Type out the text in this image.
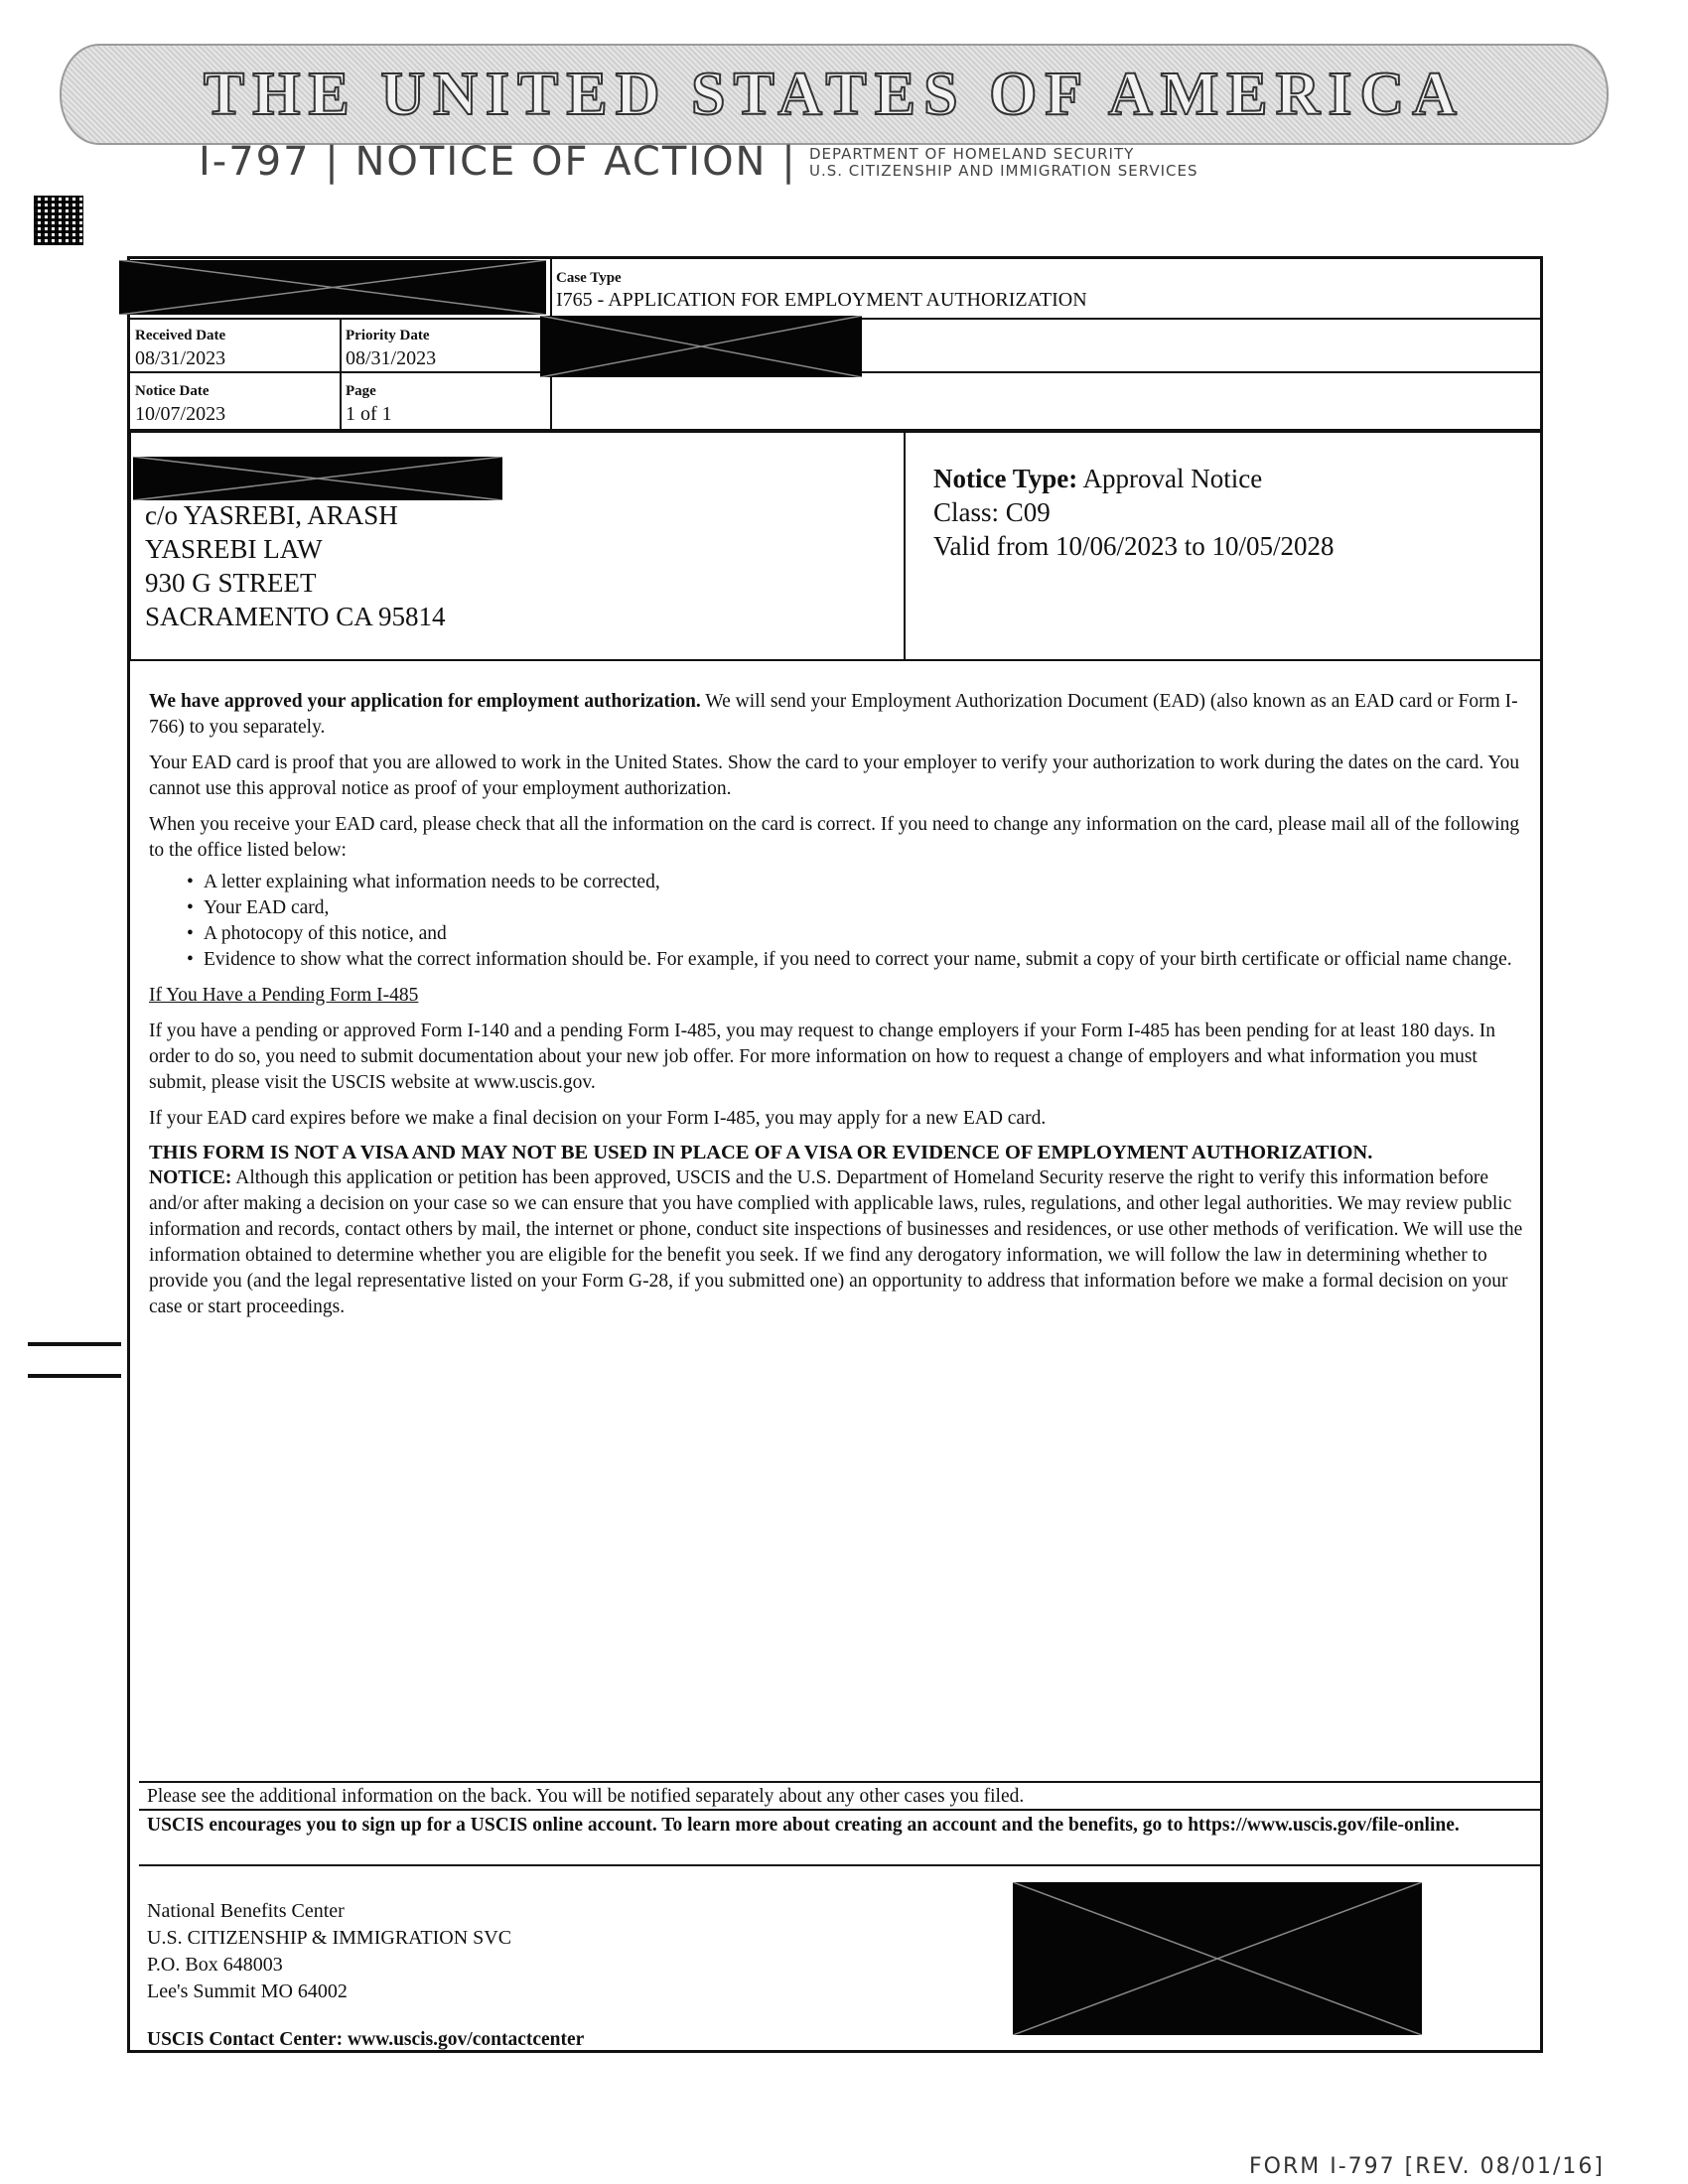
THE UNITED STATES OF AMERICA
I-797 | NOTICE OF ACTION | DEPARTMENT OF HOMELAND SECURITY
U.S. CITIZENSHIP AND IMMIGRATION SERVICES
Case Type
I765 - APPLICATION FOR EMPLOYMENT AUTHORIZATION
Received Date
08/31/2023
Priority Date
08/31/2023
Notice Date
10/07/2023
Page
1 of 1
c/o YASREBI, ARASH
YASREBI LAW
930 G STREET
SACRAMENTO CA 95814
Notice Type: Approval Notice
Class: C09
Valid from 10/06/2023 to 10/05/2028

We have approved your application for employment authorization. We will send your Employment Authorization Document (EAD) (also known as an EAD card or Form I-766) to you separately.

Your EAD card is proof that you are allowed to work in the United States. Show the card to your employer to verify your authorization to work during the dates on the card. You cannot use this approval notice as proof of your employment authorization.

When you receive your EAD card, please check that all the information on the card is correct. If you need to change any information on the card, please mail all of the following to the office listed below:

• A letter explaining what information needs to be corrected,
• Your EAD card,
• A photocopy of this notice, and
• Evidence to show what the correct information should be. For example, if you need to correct your name, submit a copy of your birth certificate or official name change.

If You Have a Pending Form I-485

If you have a pending or approved Form I-140 and a pending Form I-485, you may request to change employers if your Form I-485 has been pending for at least 180 days. In order to do so, you need to submit documentation about your new job offer. For more information on how to request a change of employers and what information you must submit, please visit the USCIS website at www.uscis.gov.

If your EAD card expires before we make a final decision on your Form I-485, you may apply for a new EAD card.

THIS FORM IS NOT A VISA AND MAY NOT BE USED IN PLACE OF A VISA OR EVIDENCE OF EMPLOYMENT AUTHORIZATION.

NOTICE: Although this application or petition has been approved, USCIS and the U.S. Department of Homeland Security reserve the right to verify this information before and/or after making a decision on your case so we can ensure that you have complied with applicable laws, rules, regulations, and other legal authorities. We may review public information and records, contact others by mail, the internet or phone, conduct site inspections of businesses and residences, or use other methods of verification. We will use the information obtained to determine whether you are eligible for the benefit you seek. If we find any derogatory information, we will follow the law in determining whether to provide you (and the legal representative listed on your Form G-28, if you submitted one) an opportunity to address that information before we make a formal decision on your case or start proceedings.

Please see the additional information on the back. You will be notified separately about any other cases you filed.
USCIS encourages you to sign up for a USCIS online account. To learn more about creating an account and the benefits, go to https://www.uscis.gov/file-online.
National Benefits Center
U.S. CITIZENSHIP & IMMIGRATION SVC
P.O. Box 648003
Lee's Summit MO 64002
USCIS Contact Center: www.uscis.gov/contactcenter
FORM I-797 [REV. 08/01/16]
